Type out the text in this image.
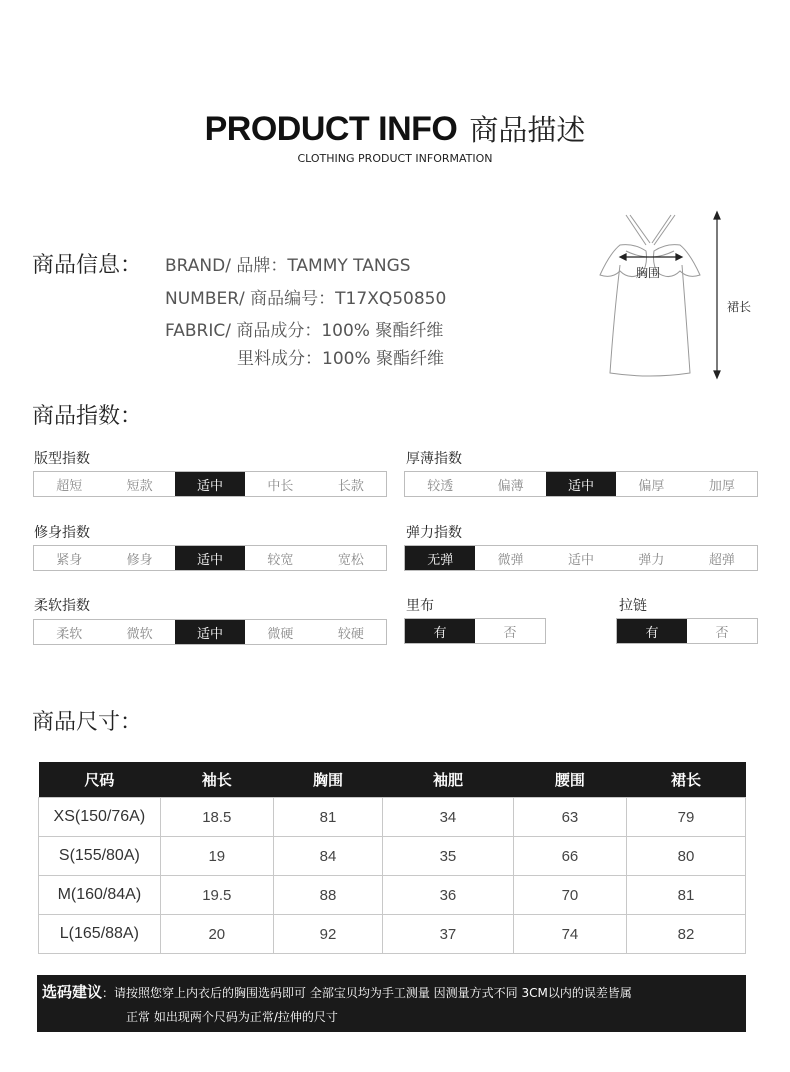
PRODUCT INFO 商品描述
CLOTHING PRODUCT INFORMATION
商品信息： BRAND/ 品牌：TAMMY TANGS
NUMBER/ 商品编号：T17XQ50850
FABRIC/ 商品成分：100% 聚酯纤维
里料成分：100% 聚酯纤维
胸围
裙长
商品指数：
版型指数
超短	短款	适中	中长	长款
厚薄指数
较透	偏薄	适中	偏厚	加厚
修身指数
紧身	修身	适中	较宽	宽松
弹力指数
无弹	微弹	适中	弹力	超弹
柔软指数
柔软	微软	适中	微硬	较硬
里布
有	否
拉链
有	否
商品尺寸：
尺码	袖长	胸围	袖肥	腰围	裙长
XS(150/76A)	18.5	81	34	63	79
S(155/80A)	19	84	35	66	80
M(160/84A)	19.5	88	36	70	81
L(165/88A)	20	92	37	74	82
选码建议：请按照您穿上内衣后的胸围选码即可 全部宝贝均为手工测量 因测量方式不同 3CM以内的误差皆属
正常 如出现两个尺码为正常/拉伸的尺寸
